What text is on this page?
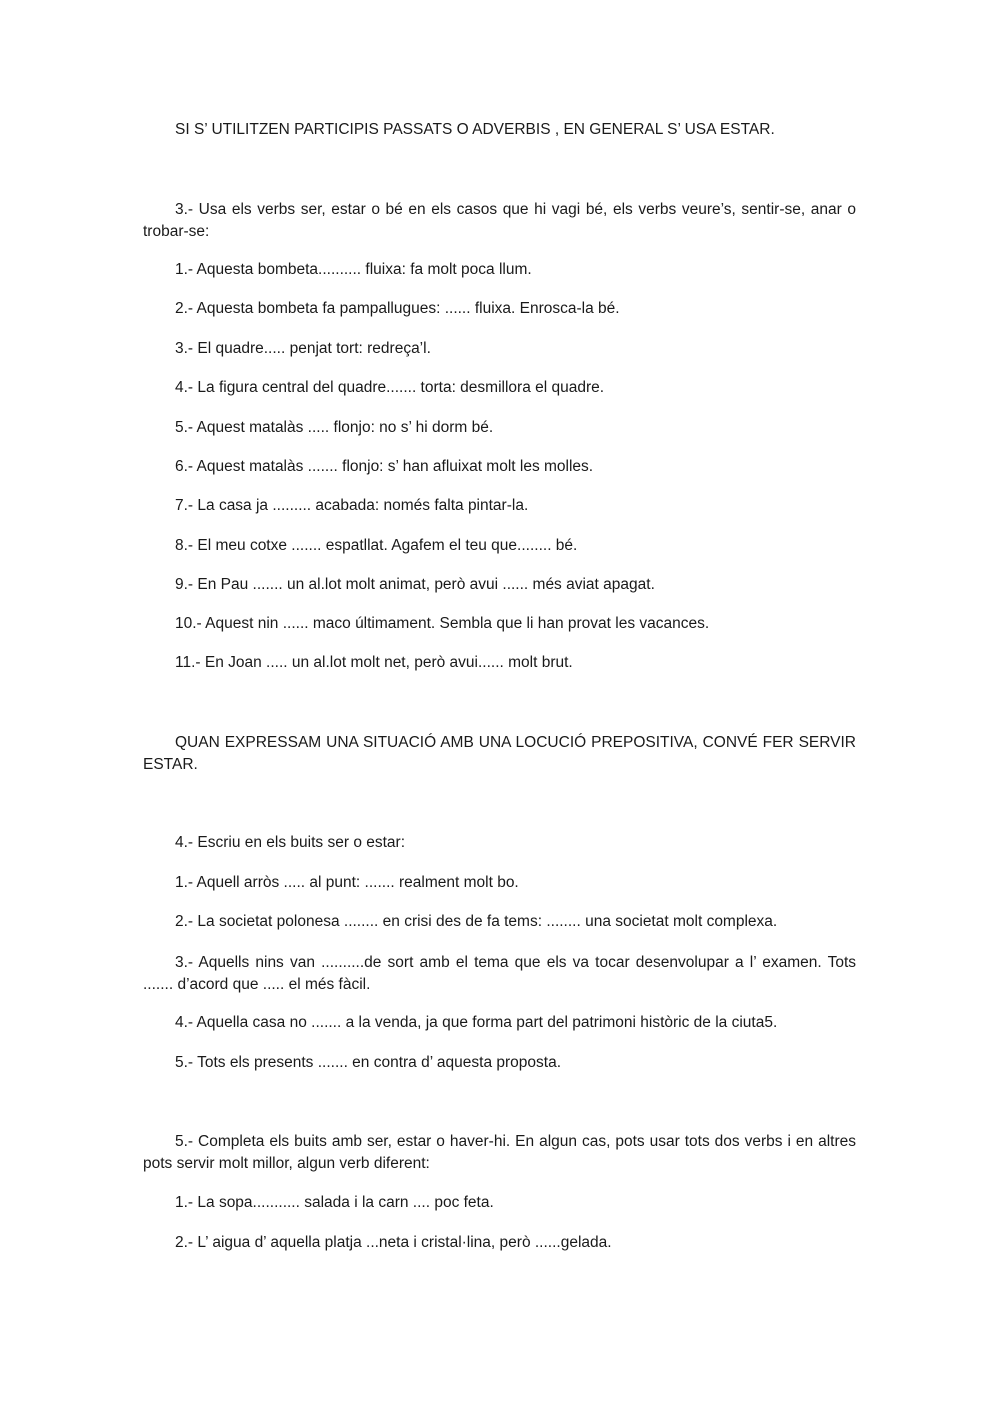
SI S’ UTILITZEN PARTICIPIS PASSATS O ADVERBIS , EN GENERAL S’ USA ESTAR.
3.- Usa els verbs ser, estar o bé en els casos que hi vagi bé, els verbs veure’s, sentir-se, anar o trobar-se:
1.- Aquesta bombeta.......... fluixa: fa molt poca llum.
2.- Aquesta bombeta fa pampallugues: ...... fluixa. Enrosca-la bé.
3.- El quadre..... penjat tort: redreça’l.
4.- La figura central del quadre....... torta: desmillora el quadre.
5.- Aquest matalàs ..... flonjo: no s’ hi dorm bé.
6.- Aquest matalàs ....... flonjo: s’ han afluixat molt les molles.
7.- La casa ja ......... acabada: només falta pintar-la.
8.- El meu cotxe ....... espatllat. Agafem el teu que........ bé.
9.- En Pau ....... un al.lot molt animat, però avui ...... més aviat apagat.
10.- Aquest nin ...... maco últimament. Sembla que li han provat les vacances.
11.- En Joan ..... un al.lot molt net, però avui...... molt brut.
QUAN EXPRESSAM UNA SITUACIÓ AMB UNA LOCUCIÓ PREPOSITIVA, CONVÉ FER SERVIR ESTAR.
4.- Escriu en els buits ser o estar:
1.- Aquell arròs ..... al punt: ....... realment molt bo.
2.- La societat polonesa ........ en crisi des de fa tems: ........ una societat molt complexa.
3.- Aquells nins van ..........de sort amb el tema que els va tocar desenvolupar a l’ examen. Tots ....... d’acord que ..... el més fàcil.
4.- Aquella casa no ....... a la venda, ja que forma part del patrimoni històric de la ciuta5.
5.- Tots els presents ....... en contra d’ aquesta proposta.
5.- Completa els buits amb ser, estar o haver-hi. En algun cas, pots usar tots dos verbs i en altres pots servir molt millor, algun verb diferent:
1.- La sopa........... salada i la carn .... poc feta.
2.- L’ aigua d’ aquella platja ...neta i cristal·lina, però ......gelada.
